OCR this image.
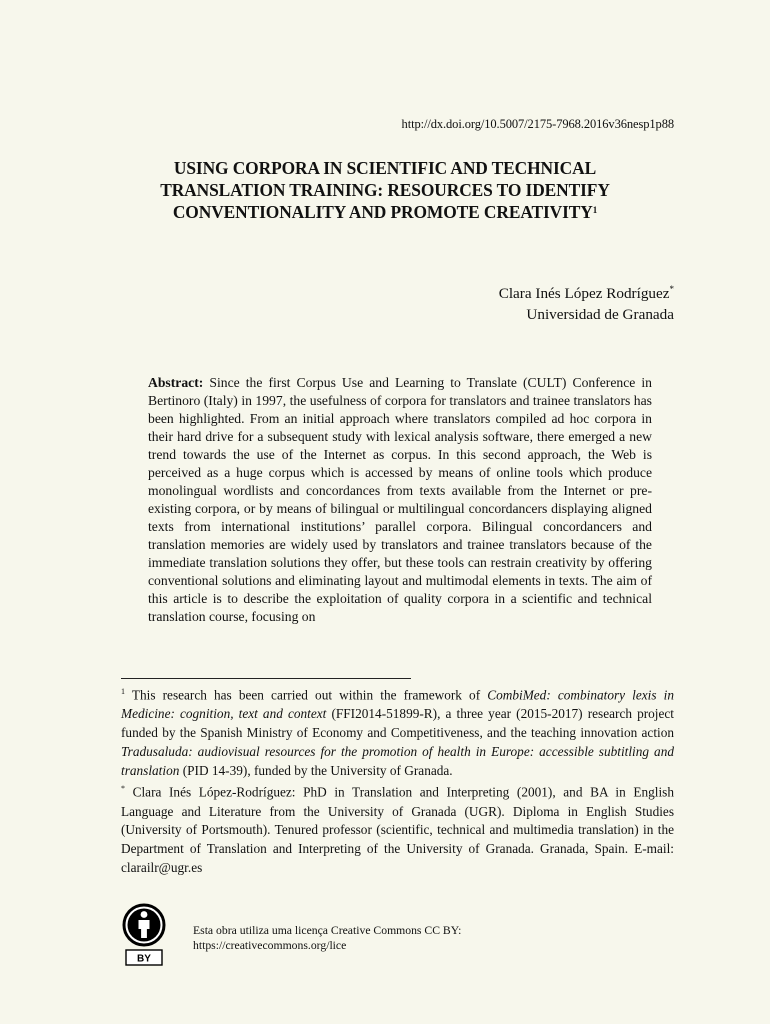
http://dx.doi.org/10.5007/2175-7968.2016v36nesp1p88
USING CORPORA IN SCIENTIFIC AND TECHNICAL
TRANSLATION TRAINING: RESOURCES TO IDENTIFY
CONVENTIONALITY AND PROMOTE CREATIVITY$^1$
Clara Inés López Rodríguez*
Universidad de Granada
Abstract: Since the first Corpus Use and Learning to Translate (CULT) Conference in Bertinoro (Italy) in 1997, the usefulness of corpora for translators and trainee translators has been highlighted. From an initial approach where translators compiled ad hoc corpora in their hard drive for a subsequent study with lexical analysis software, there emerged a new trend towards the use of the Internet as corpus. In this second approach, the Web is perceived as a huge corpus which is accessed by means of online tools which produce monolingual wordlists and concordances from texts available from the Internet or pre-existing corpora, or by means of bilingual or multilingual concordancers displaying aligned texts from international institutions’ parallel corpora. Bilingual concordancers and translation memories are widely used by translators and trainee translators because of the immediate translation solutions they offer, but these tools can restrain creativity by offering conventional solutions and eliminating layout and multimodal elements in texts. The aim of this article is to describe the exploitation of quality corpora in a scientific and technical translation course, focusing on

$^1$ This research has been carried out within the framework of CombiMed: combinatory lexis in Medicine: cognition, text and context (FFI2014-51899-R), a three year (2015-2017) research project funded by the Spanish Ministry of Economy and Competitiveness, and the teaching innovation action Tradusaluda: audiovisual resources for the promotion of health in Europe: accessible subtitling and translation (PID 14-39), funded by the University of Granada.

* Clara Inés López-Rodríguez: PhD in Translation and Interpreting (2001), and BA in English Language and Literature from the University of Granada (UGR). Diploma in English Studies (University of Portsmouth). Tenured professor (scientific, technical and multimedia translation) in the Department of Translation and Interpreting of the University of Granada. Granada, Spain. E-mail: clarailr@ugr.es

BY
Esta obra utiliza uma licença Creative Commons CC BY:
https://creativecommons.org/lice
